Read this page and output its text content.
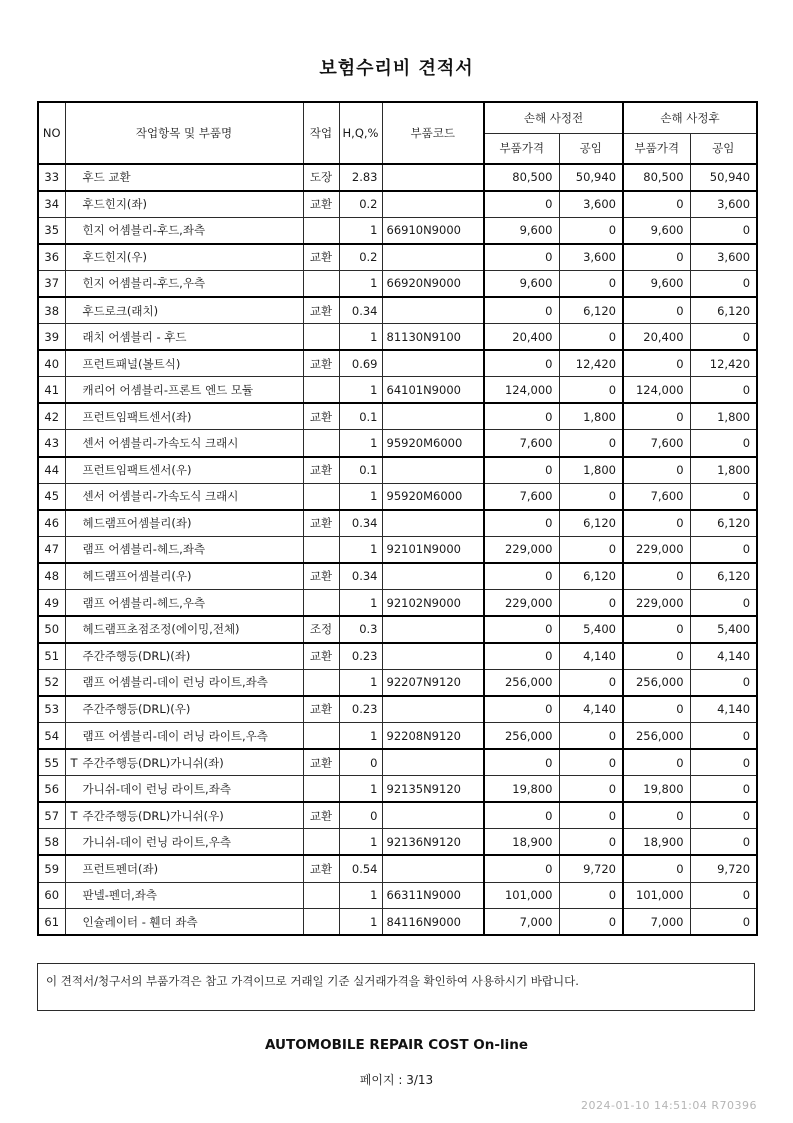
보험수리비 견적서
NO	작업항목 및 부품명	작업	H,Q,%	부품코드	손해 사정전		손해 사정후	
					부품가격	공임	부품가격	공임
33	후드 교환	도장	2.83		80,500	50,940	80,500	50,940
34	후드힌지(좌)	교환	0.2		0	3,600	0	3,600
35	힌지 어셈블리-후드,좌측		1	66910N9000	9,600	0	9,600	0
36	후드힌지(우)	교환	0.2		0	3,600	0	3,600
37	힌지 어셈블리-후드,우측		1	66920N9000	9,600	0	9,600	0
38	후드로크(래치)	교환	0.34		0	6,120	0	6,120
39	래치 어셈블리 - 후드		1	81130N9100	20,400	0	20,400	0
40	프런트패널(볼트식)	교환	0.69		0	12,420	0	12,420
41	캐리어 어셈블리-프론트 엔드 모듈		1	64101N9000	124,000	0	124,000	0
42	프런트임팩트센서(좌)	교환	0.1		0	1,800	0	1,800
43	센서 어셈블리-가속도식 크래시		1	95920M6000	7,600	0	7,600	0
44	프런트임팩트센서(우)	교환	0.1		0	1,800	0	1,800
45	센서 어셈블리-가속도식 크래시		1	95920M6000	7,600	0	7,600	0
46	헤드램프어셈블리(좌)	교환	0.34		0	6,120	0	6,120
47	램프 어셈블리-헤드,좌측		1	92101N9000	229,000	0	229,000	0
48	헤드램프어셈블리(우)	교환	0.34		0	6,120	0	6,120
49	램프 어셈블리-헤드,우측		1	92102N9000	229,000	0	229,000	0
50	헤드램프초점조정(에이밍,전체)	조정	0.3		0	5,400	0	5,400
51	주간주행등(DRL)(좌)	교환	0.23		0	4,140	0	4,140
52	램프 어셈블리-데이 런닝 라이트,좌측		1	92207N9120	256,000	0	256,000	0
53	주간주행등(DRL)(우)	교환	0.23		0	4,140	0	4,140
54	램프 어셈블리-데이 러닝 라이트,우측		1	92208N9120	256,000	0	256,000	0
55	T 주간주행등(DRL)가니쉬(좌)	교환	0		0	0	0	0
56	가니쉬-데이 런닝 라이트,좌측		1	92135N9120	19,800	0	19,800	0
57	T 주간주행등(DRL)가니쉬(우)	교환	0		0	0	0	0
58	가니쉬-데이 런닝 라이트,우측		1	92136N9120	18,900	0	18,900	0
59	프런트펜더(좌)	교환	0.54		0	9,720	0	9,720
60	판넬-펜더,좌측		1	66311N9000	101,000	0	101,000	0
61	인슐레이터 - 휀더 좌측		1	84116N9000	7,000	0	7,000	0
이 견적서/청구서의 부품가격은 참고 가격이므로 거래일 기준 실거래가격을 확인하여 사용하시기 바랍니다.
AUTOMOBILE REPAIR COST On-line
페이지 : 3/13
2024-01-10 14:51:04 R70396
